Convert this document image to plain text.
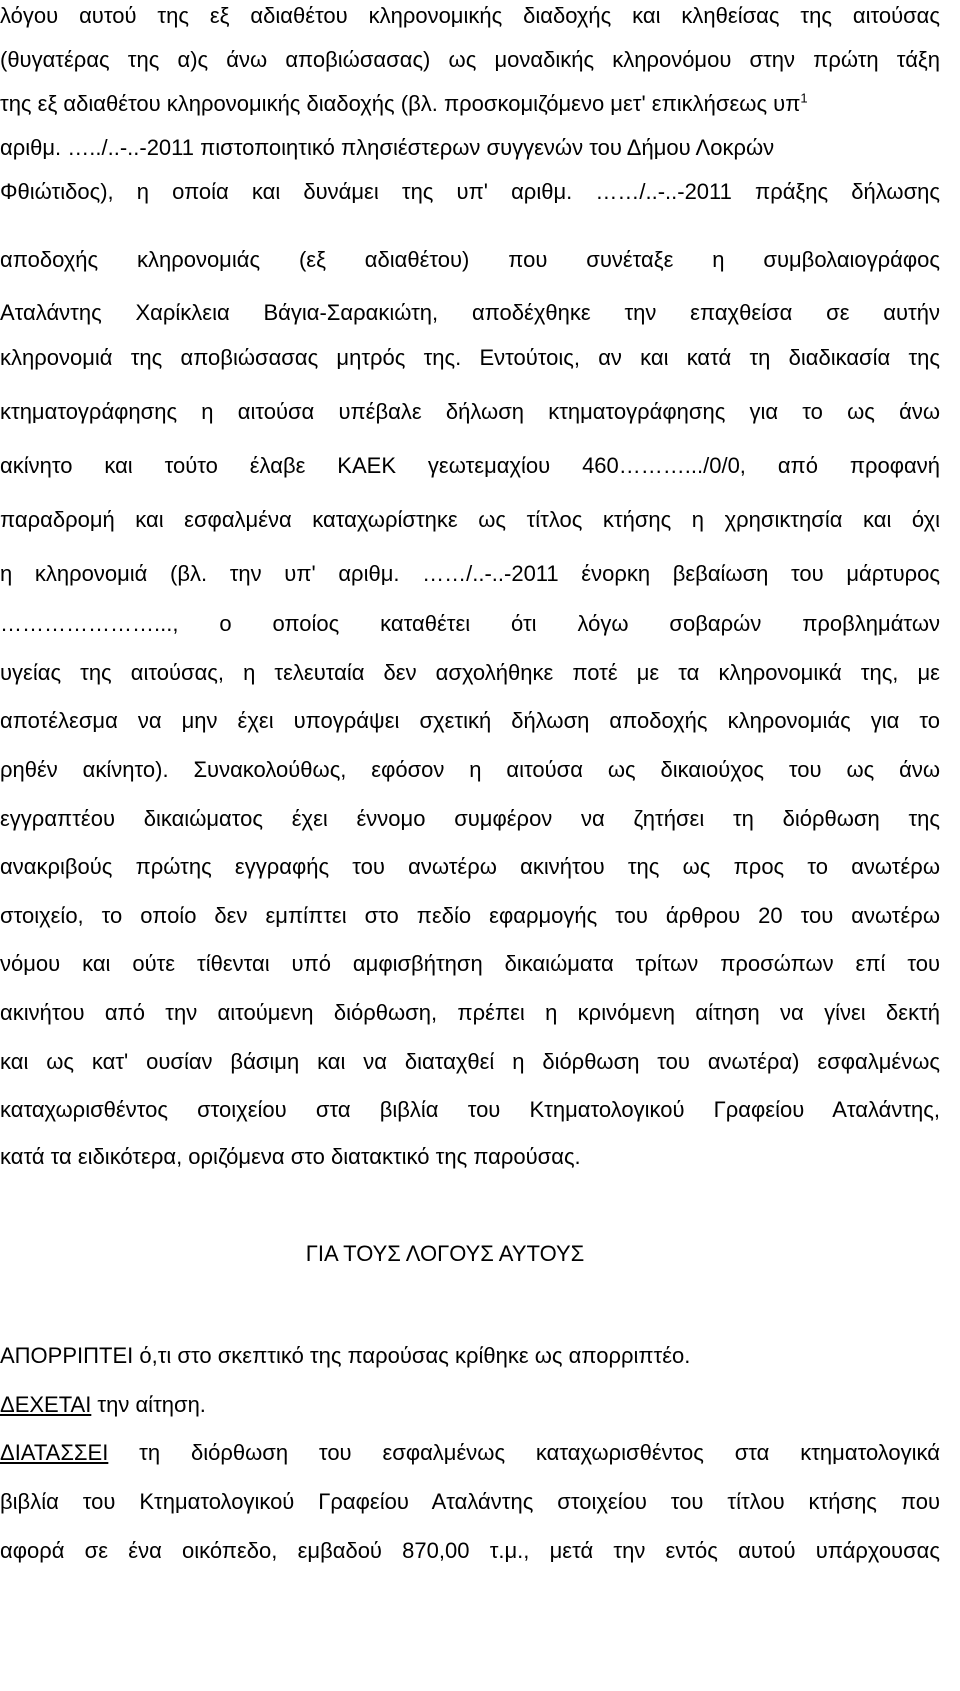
λόγου αυτού της εξ αδιαθέτου κληρονομικής διαδοχής και κληθείσας της αιτούσας
(θυγατέρας της α)ς άνω αποβιώσασας) ως μοναδικής κληρονόμου στην πρώτη τάξη
της εξ αδιαθέτου κληρονομικής διαδοχής (βλ. προσκομιζόμενο μετ' επικλήσεως $\upsilon\pi^1$
αριθμ. …../..-..-2011 πιστοποιητικό πλησιέστερων συγγενών του Δήμου Λοκρών
Φθιώτιδος), η οποία και δυνάμει της υπ' αριθμ. ……/..-..-2011 πράξης δήλωσης
αποδοχής κληρονομιάς (εξ αδιαθέτου) που συνέταξε η συμβολαιογράφος
Αταλάντης Χαρίκλεια Βάγια-Σαρακιώτη, αποδέχθηκε την επαχθείσα σε αυτήν
κληρονομιά της αποβιώσασας μητρός της. Εντούτοις, αν και κατά τη διαδικασία της
κτηματογράφησης η αιτούσα υπέβαλε δήλωση κτηματογράφησης για το ως άνω
ακίνητο και τούτο έλαβε ΚΑΕΚ γεωτεμαχίου 460……….../0/0, από προφανή
παραδρομή και εσφαλμένα καταχωρίστηκε ως τίτλος κτήσης η χρησικτησία και όχι
η κληρονομιά (βλ. την υπ' αριθμ. ……/..-..-2011 ένορκη βεβαίωση του μάρτυρος
…………………..., ο οποίος καταθέτει ότι λόγω σοβαρών προβλημάτων
υγείας της αιτούσας, η τελευταία δεν ασχολήθηκε ποτέ με τα κληρονομικά της, με
αποτέλεσμα να μην έχει υπογράψει σχετική δήλωση αποδοχής κληρονομιάς για το
ρηθέν ακίνητο). Συνακολούθως, εφόσον η αιτούσα ως δικαιούχος του ως άνω
εγγραπτέου δικαιώματος έχει έννομο συμφέρον να ζητήσει τη διόρθωση της
ανακριβούς πρώτης εγγραφής του ανωτέρω ακινήτου της ως προς το ανωτέρω
στοιχείο, το οποίο δεν εμπίπτει στο πεδίο εφαρμογής του άρθρου 20 του ανωτέρω
νόμου και ούτε τίθενται υπό αμφισβήτηση δικαιώματα τρίτων προσώπων επί του
ακινήτου από την αιτούμενη διόρθωση, πρέπει η κρινόμενη αίτηση να γίνει δεκτή
και ως κατ' ουσίαν βάσιμη και να διαταχθεί η διόρθωση του ανωτέρα) εσφαλμένως
καταχωρισθέντος στοιχείου στα βιβλία του Κτηματολογικού Γραφείου Αταλάντης,
κατά τα ειδικότερα, οριζόμενα στο διατακτικό της παρούσας.
ΓΙΑ ΤΟΥΣ ΛΟΓΟΥΣ ΑΥΤΟΥΣ
ΑΠΟΡΡΙΠΤΕΙ ό,τι στο σκεπτικό της παρούσας κρίθηκε ως απορριπτέο.
ΔΕΧΕΤΑΙ την αίτηση.
ΔΙΑΤΑΣΣΕΙ τη διόρθωση του εσφαλμένως καταχωρισθέντος στα κτηματολογικά
βιβλία του Κτηματολογικού Γραφείου Αταλάντης στοιχείου του τίτλου κτήσης που
αφορά σε ένα οικόπεδο, εμβαδού 870,00 τ.μ., μετά την εντός αυτού υπάρχουσας
